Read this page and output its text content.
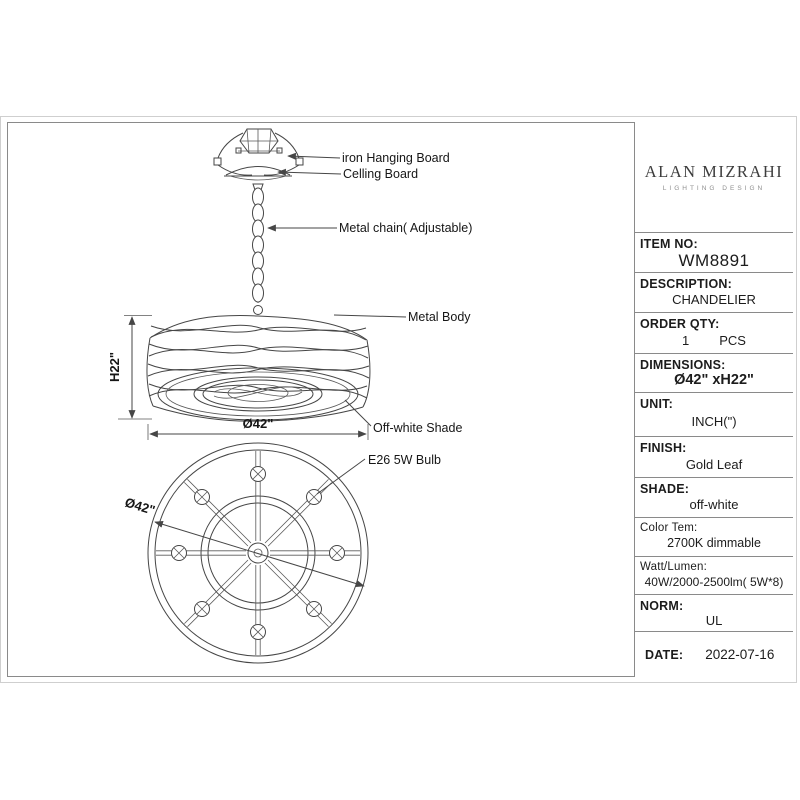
iron Hanging Board
Celling Board
Metal chain( Adjustable)
Metal Body
Off-white Shade
E26 5W Bulb
H22"
Ø42"
Ø42"
ALAN MIZRAHI
LIGHTING DESIGN
ITEM NO:
WM8891
DESCRIPTION:
CHANDELIER
ORDER QTY:
1 PCS
DIMENSIONS:
Ø42" xH22"
UNIT:
INCH(")
FINISH:
Gold Leaf
SHADE:
off-white
Color Tem:
2700K dimmable
Watt/Lumen:
40W/2000-2500lm( 5W*8)
NORM:
UL
DATE: 2022-07-16
